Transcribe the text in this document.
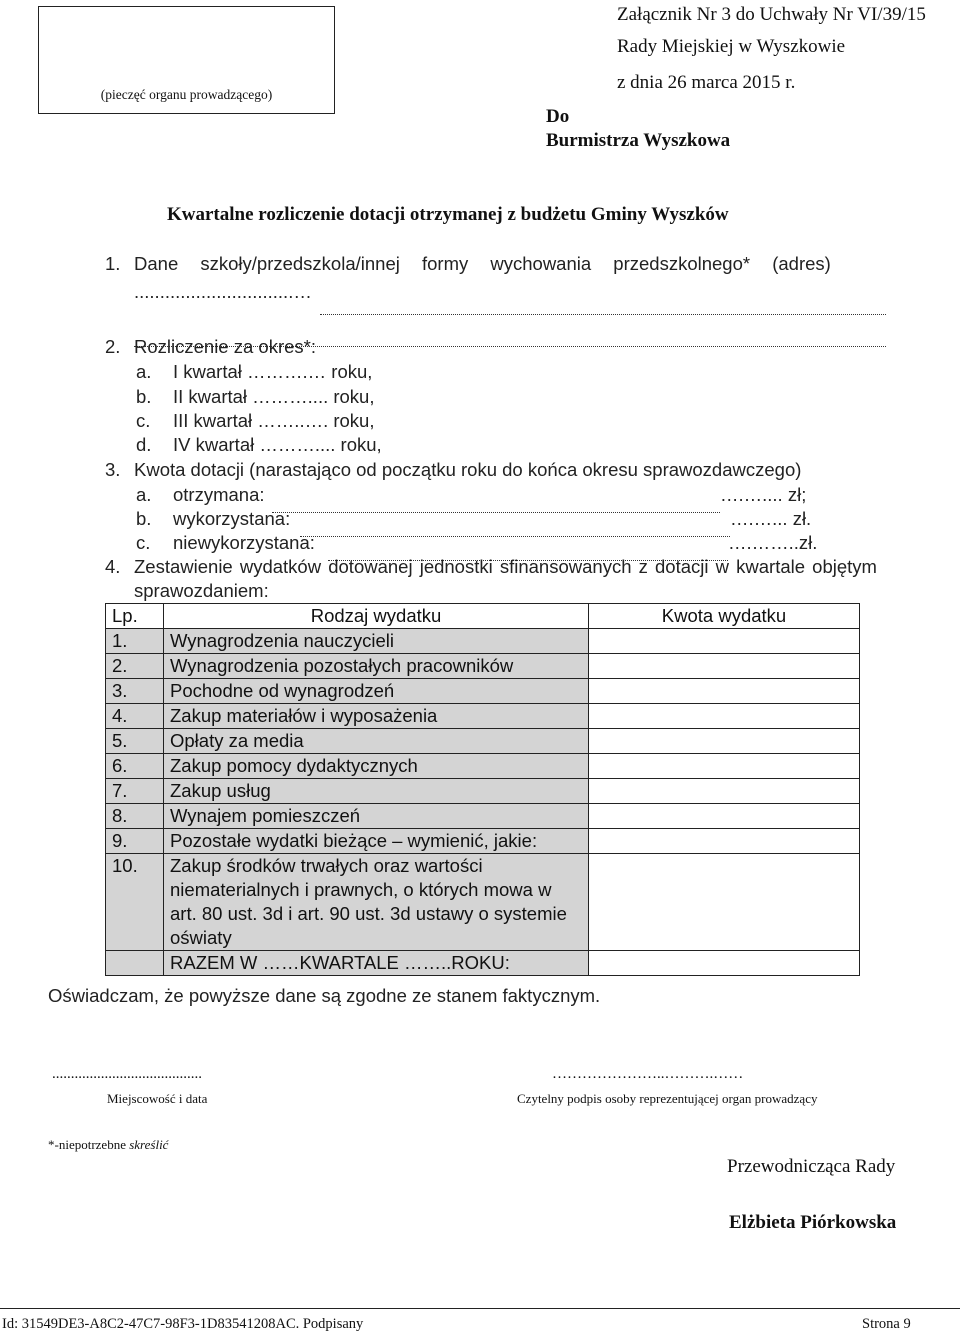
(pieczęć organu prowadzącego)
Załącznik Nr 3 do Uchwały Nr VI/39/15
Rady Miejskiej w Wyszkowie
z dnia 26 marca 2015 r.
Do
Burmistrza Wyszkowa
Kwartalne rozliczenie dotacji otrzymanej z budżetu Gminy Wyszków
1. Dane szkoły/przedszkola/innej formy wychowania przedszkolnego* (adres)
...............................…
2. Rozliczenie za okres*:
a. I kwartał ……….… roku,
b. II kwartał ……….... roku,
c. III kwartał ……..…. roku,
d. IV kwartał ……….... roku,
3. Kwota dotacji (narastająco od początku roku do końca okresu sprawozdawczego)
a. otrzymana:	….….... zł;
b. wykorzystana:	….…... zł.
c. niewykorzystana:	….……..zł.
4. Zestawienie wydatków dotowanej jednostki sfinansowanych z dotacji w kwartale objętym
sprawozdaniem:
Lp.	Rodzaj wydatku	Kwota wydatku
1.	Wynagrodzenia nauczycieli	
2.	Wynagrodzenia pozostałych pracowników	
3.	Pochodne od wynagrodzeń	
4.	Zakup materiałów i wyposażenia	
5.	Opłaty za media	
6.	Zakup pomocy dydaktycznych	
7.	Zakup usług	
8.	Wynajem pomieszczeń	
9.	Pozostałe wydatki bieżące – wymienić, jakie:	
10.	Zakup środków trwałych oraz wartości niematerialnych i prawnych, o których mowa w art. 80 ust. 3d i art. 90 ust. 3d ustawy o systemie oświaty	
	RAZEM W ……KWARTALE ……..ROKU:	
Oświadczam, że powyższe dane są zgodne ze stanem faktycznym.
........................................
Miejscowość i data
…………………..……….……
Czytelny podpis osoby reprezentującej organ prowadzący
*-niepotrzebne skreślić
Przewodnicząca Rady
Elżbieta Piórkowska
Id: 31549DE3-A8C2-47C7-98F3-1D83541208AC. Podpisany	Strona 9
